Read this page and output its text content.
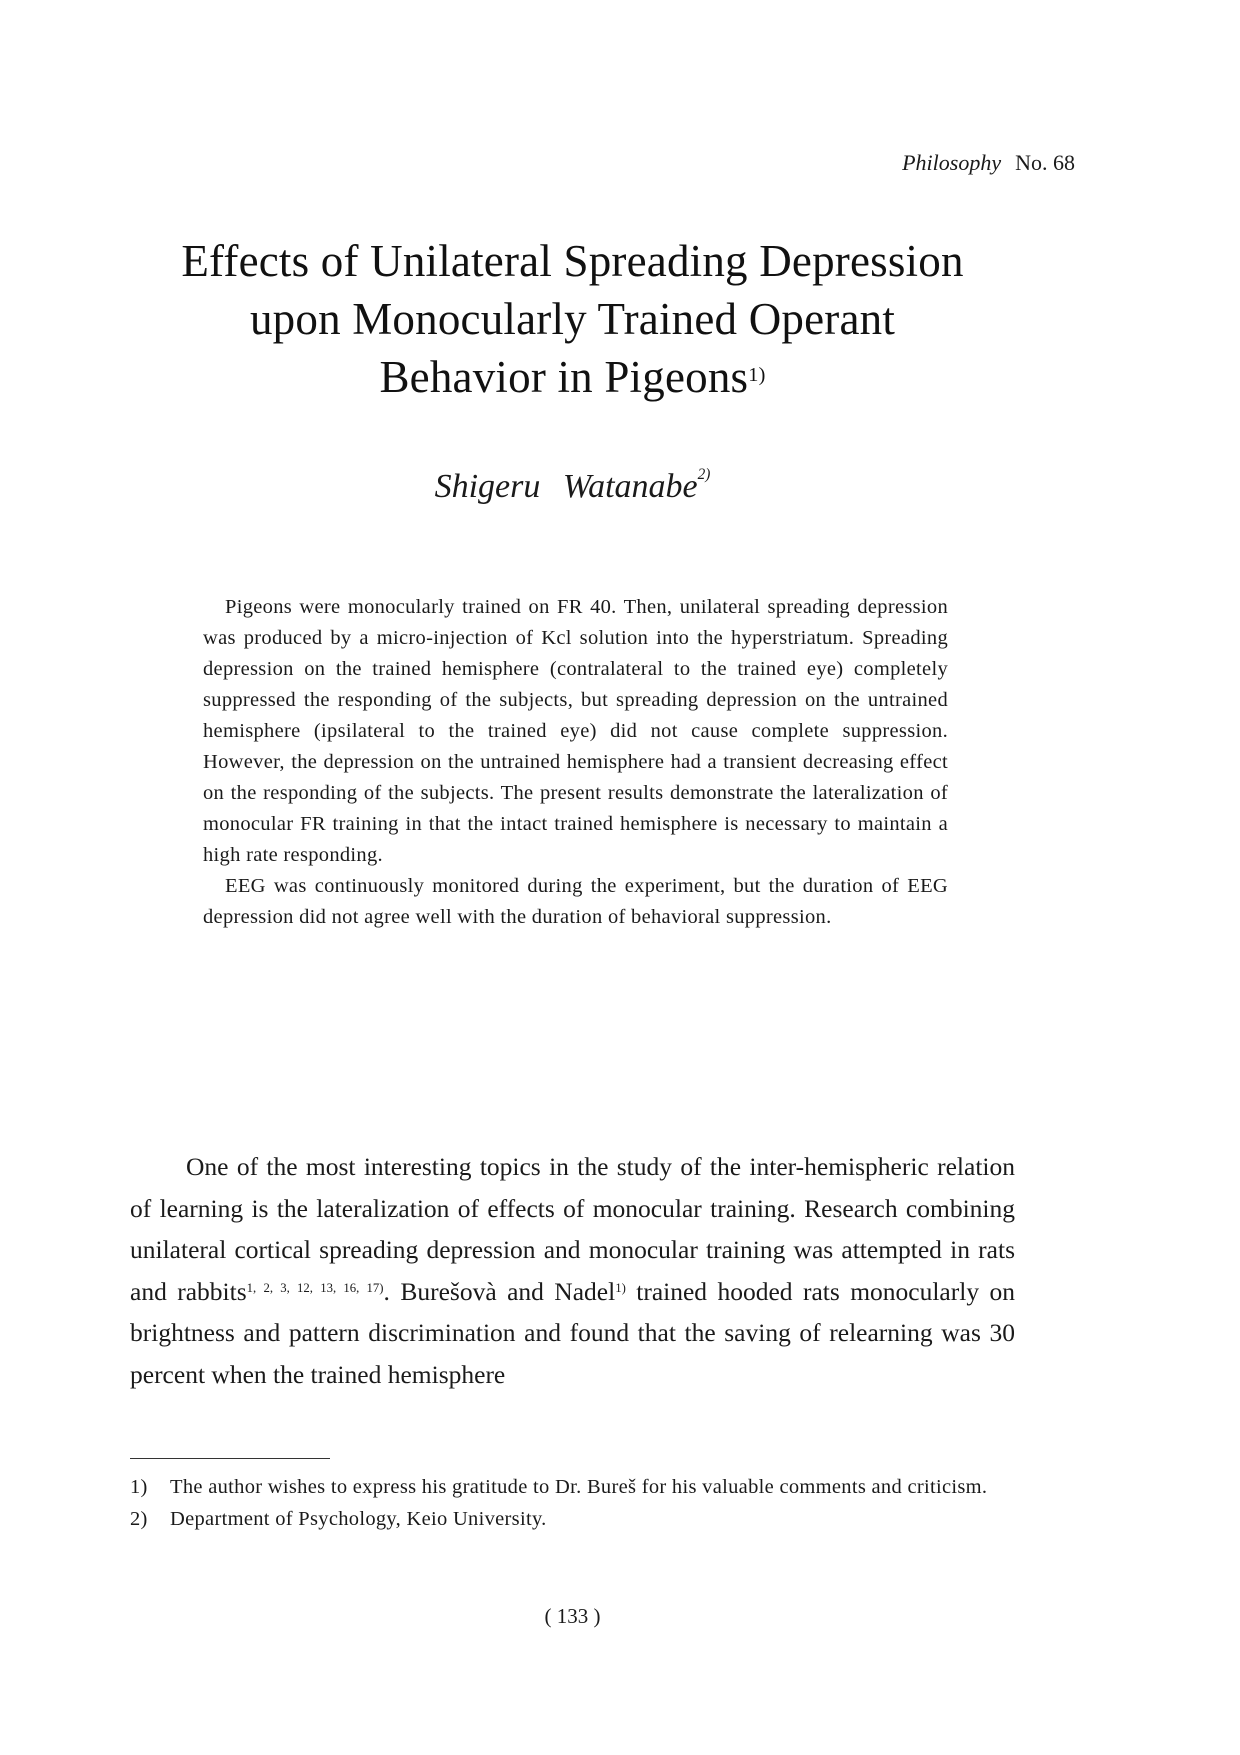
Philosophy No. 68
Effects of Unilateral Spreading Depression
upon Monocularly Trained Operant
Behavior in Pigeons$^{1)}$
Shigeru Watanabe$^{2)}$

Pigeons were monocularly trained on FR 40. Then, unilateral spreading depression was produced by a micro-injection of Kcl solution into the hyperstriatum. Spreading depression on the trained hemisphere (contralateral to the trained eye) completely suppressed the responding of the subjects, but spreading depression on the untrained hemisphere (ipsilateral to the trained eye) did not cause complete suppression. However, the depression on the untrained hemisphere had a transient decreasing effect on the responding of the subjects. The present results demonstrate the lateralization of monocular FR training in that the intact trained hemisphere is necessary to maintain a high rate responding.

EEG was continuously monitored during the experiment, but the duration of EEG depression did not agree well with the duration of behavioral suppression.

One of the most interesting topics in the study of the inter-hemispheric relation of learning is the lateralization of effects of monocular training. Research combining unilateral cortical spreading depression and monocular training was attempted in rats and rabbits$^{1, 2, 3, 12, 13, 16, 17)}$. Burešovà and Nadel$^{1)}$ trained hooded rats monocularly on brightness and pattern discrimination and found that the saving of relearning was 30 percent when the trained hemisphere

1) The author wishes to express his gratitude to Dr. Bureš for his valuable comments and criticism.
2) Department of Psychology, Keio University.
( 133 )
